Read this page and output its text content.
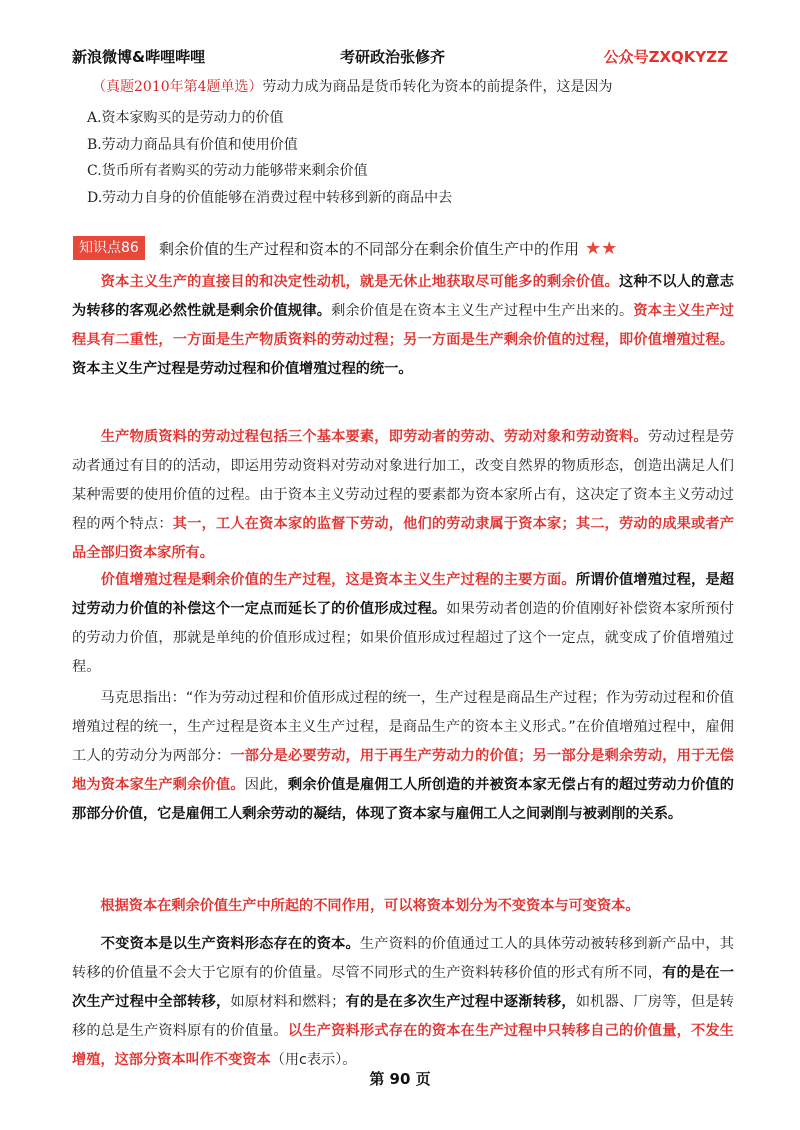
新浪微博&哔哩哔哩	考研政治张修齐	公众号ZXQKYZZ
（真题2010年第4题单选）劳动力成为商品是货币转化为资本的前提条件，这是因为
A.资本家购买的是劳动力的价值
B.劳动力商品具有价值和使用价值
C.货币所有者购买的劳动力能够带来剩余价值
D.劳动力自身的价值能够在消费过程中转移到新的商品中去
知识点86	剩余价值的生产过程和资本的不同部分在剩余价值生产中的作用 ★★
　　资本主义生产的直接目的和决定性动机，就是无休止地获取尽可能多的剩余价值。这种不以人的意志为转移的客观必然性就是剩余价值规律。剩余价值是在资本主义生产过程中生产出来的。资本主义生产过程具有二重性，一方面是生产物质资料的劳动过程；另一方面是生产剩余价值的过程，即价值增殖过程。资本主义生产过程是劳动过程和价值增殖过程的统一。
　　生产物质资料的劳动过程包括三个基本要素，即劳动者的劳动、劳动对象和劳动资料。劳动过程是劳动者通过有目的的活动，即运用劳动资料对劳动对象进行加工，改变自然界的物质形态，创造出满足人们某种需要的使用价值的过程。由于资本主义劳动过程的要素都为资本家所占有，这决定了资本主义劳动过程的两个特点：其一，工人在资本家的监督下劳动，他们的劳动隶属于资本家；其二，劳动的成果或者产品全部归资本家所有。
　　价值增殖过程是剩余价值的生产过程，这是资本主义生产过程的主要方面。所谓价值增殖过程，是超过劳动力价值的补偿这个一定点而延长了的价值形成过程。如果劳动者创造的价值刚好补偿资本家所预付的劳动力价值，那就是单纯的价值形成过程；如果价值形成过程超过了这个一定点，就变成了价值增殖过程。
　　马克思指出：“作为劳动过程和价值形成过程的统一，生产过程是商品生产过程；作为劳动过程和价值增殖过程的统一，生产过程是资本主义生产过程，是商品生产的资本主义形式。”在价值增殖过程中，雇佣工人的劳动分为两部分：一部分是必要劳动，用于再生产劳动力的价值；另一部分是剩余劳动，用于无偿地为资本家生产剩余价值。因此，剩余价值是雇佣工人所创造的并被资本家无偿占有的超过劳动力价值的那部分价值，它是雇佣工人剩余劳动的凝结，体现了资本家与雇佣工人之间剥削与被剥削的关系。
　　根据资本在剩余价值生产中所起的不同作用，可以将资本划分为不变资本与可变资本。
　　不变资本是以生产资料形态存在的资本。生产资料的价值通过工人的具体劳动被转移到新产品中，其转移的价值量不会大于它原有的价值量。尽管不同形式的生产资料转移价值的形式有所不同，有的是在一次生产过程中全部转移，如原材料和燃料；有的是在多次生产过程中逐渐转移，如机器、厂房等，但是转移的总是生产资料原有的价值量。以生产资料形式存在的资本在生产过程中只转移自己的价值量，不发生增殖，这部分资本叫作不变资本（用c表示）。
第 90 页
